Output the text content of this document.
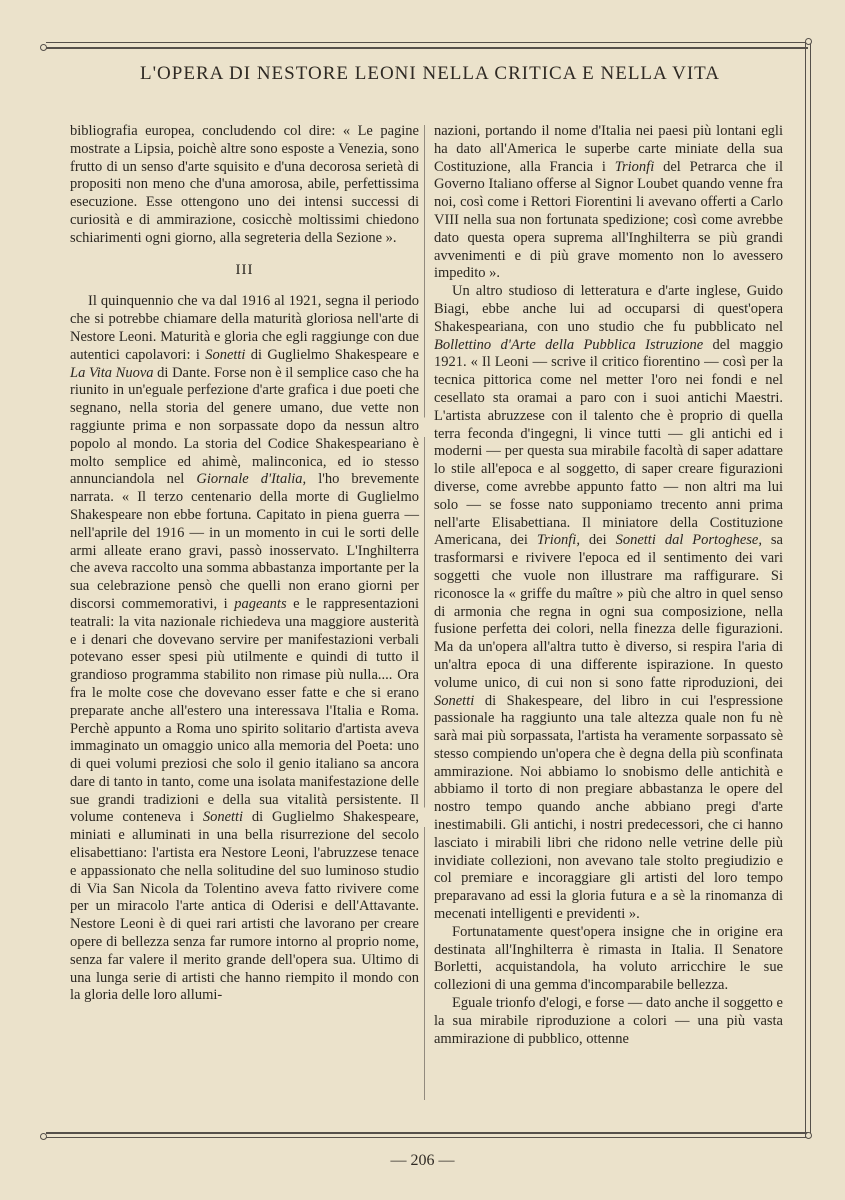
L'OPERA DI NESTORE LEONI NELLA CRITICA E NELLA VITA

bibliografia europea, concludendo col dire: « Le pagine mostrate a Lipsia, poichè altre sono esposte a Venezia, sono frutto di un senso d'arte squisito e d'una decorosa serietà di propositi non meno che d'una amorosa, abile, perfettissima esecuzione. Esse ottengono uno dei intensi successi di curiosità e di ammirazione, cosicchè moltissimi chiedono schiarimenti ogni giorno, alla segreteria della Sezione ».

III

Il quinquennio che va dal 1916 al 1921, segna il periodo che si potrebbe chiamare della maturità gloriosa nell'arte di Nestore Leoni. Maturità e gloria che egli raggiunge con due autentici capolavori: i Sonetti di Guglielmo Shakespeare e La Vita Nuova di Dante. Forse non è il semplice caso che ha riunito in un'eguale perfezione d'arte grafica i due poeti che segnano, nella storia del genere umano, due vette non raggiunte prima e non sorpassate dopo da nessun altro popolo al mondo. La storia del Codice Shakespeariano è molto semplice ed ahimè, malinconica, ed io stesso annunciandola nel Giornale d'Italia, l'ho brevemente narrata. « Il terzo centenario della morte di Guglielmo Shakespeare non ebbe fortuna. Capitato in piena guerra — nell'aprile del 1916 — in un momento in cui le sorti delle armi alleate erano gravi, passò inosservato. L'Inghilterra che aveva raccolto una somma abbastanza importante per la sua celebrazione pensò che quelli non erano giorni per discorsi commemorativi, i pageants e le rappresentazioni teatrali: la vita nazionale richiedeva una maggiore austerità e i denari che dovevano servire per manifestazioni verbali potevano esser spesi più utilmente e quindi di tutto il grandioso programma stabilito non rimase più nulla.... Ora fra le molte cose che dovevano esser fatte e che si erano preparate anche all'estero una interessava l'Italia e Roma. Perchè appunto a Roma uno spirito solitario d'artista aveva immaginato un omaggio unico alla memoria del Poeta: uno di quei volumi preziosi che solo il genio italiano sa ancora dare di tanto in tanto, come una isolata manifestazione delle sue grandi tradizioni e della sua vitalità persistente. Il volume conteneva i Sonetti di Guglielmo Shakespeare, miniati e alluminati in una bella risurrezione del secolo elisabettiano: l'artista era Nestore Leoni, l'abruzzese tenace e appassionato che nella solitudine del suo luminoso studio di Via San Nicola da Tolentino aveva fatto rivivere come per un miracolo l'arte antica di Oderisi e dell'Attavante. Nestore Leoni è di quei rari artisti che lavorano per creare opere di bellezza senza far rumore intorno al proprio nome, senza far valere il merito grande dell'opera sua. Ultimo di una lunga serie di artisti che hanno riempito il mondo con la gloria delle loro allumi-

nazioni, portando il nome d'Italia nei paesi più lontani egli ha dato all'America le superbe carte miniate della sua Costituzione, alla Francia i Trionfi del Petrarca che il Governo Italiano offerse al Signor Loubet quando venne fra noi, così come i Rettori Fiorentini li avevano offerti a Carlo VIII nella sua non fortunata spedizione; così come avrebbe dato questa opera suprema all'Inghilterra se più grandi avvenimenti e di più grave momento non lo avessero impedito ».

Un altro studioso di letteratura e d'arte inglese, Guido Biagi, ebbe anche lui ad occuparsi di quest'opera Shakespeariana, con uno studio che fu pubblicato nel Bollettino d'Arte della Pubblica Istruzione del maggio 1921. « Il Leoni — scrive il critico fiorentino — così per la tecnica pittorica come nel metter l'oro nei fondi e nel cesellato sta oramai a paro con i suoi antichi Maestri. L'artista abruzzese con il talento che è proprio di quella terra feconda d'ingegni, li vince tutti — gli antichi ed i moderni — per questa sua mirabile facoltà di saper adattare lo stile all'epoca e al soggetto, di saper creare figurazioni diverse, come avrebbe appunto fatto — non altri ma lui solo — se fosse nato supponiamo trecento anni prima nell'arte Elisabettiana. Il miniatore della Costituzione Americana, dei Trionfi, dei Sonetti dal Portoghese, sa trasformarsi e rivivere l'epoca ed il sentimento dei vari soggetti che vuole non illustrare ma raffigurare. Si riconosce la « griffe du maître » più che altro in quel senso di armonia che regna in ogni sua composizione, nella fusione perfetta dei colori, nella finezza delle figurazioni. Ma da un'opera all'altra tutto è diverso, si respira l'aria di un'altra epoca di una differente ispirazione. In questo volume unico, di cui non si sono fatte riproduzioni, dei Sonetti di Shakespeare, del libro in cui l'espressione passionale ha raggiunto una tale altezza quale non fu nè sarà mai più sorpassata, l'artista ha veramente sorpassato sè stesso compiendo un'opera che è degna della più sconfinata ammirazione. Noi abbiamo lo snobismo delle antichità e abbiamo il torto di non pregiare abbastanza le opere del nostro tempo quando anche abbiano pregi d'arte inestimabili. Gli antichi, i nostri predecessori, che ci hanno lasciato i mirabili libri che ridono nelle vetrine delle più invidiate collezioni, non avevano tale stolto pregiudizio e col premiare e incoraggiare gli artisti del loro tempo preparavano ad essi la gloria futura e a sè la rinomanza di mecenati intelligenti e previdenti ».

Fortunatamente quest'opera insigne che in origine era destinata all'Inghilterra è rimasta in Italia. Il Senatore Borletti, acquistandola, ha voluto arricchire le sue collezioni di una gemma d'incomparabile bellezza.

Eguale trionfo d'elogi, e forse — dato anche il soggetto e la sua mirabile riproduzione a colori — una più vasta ammirazione di pubblico, ottenne

— 206 —
